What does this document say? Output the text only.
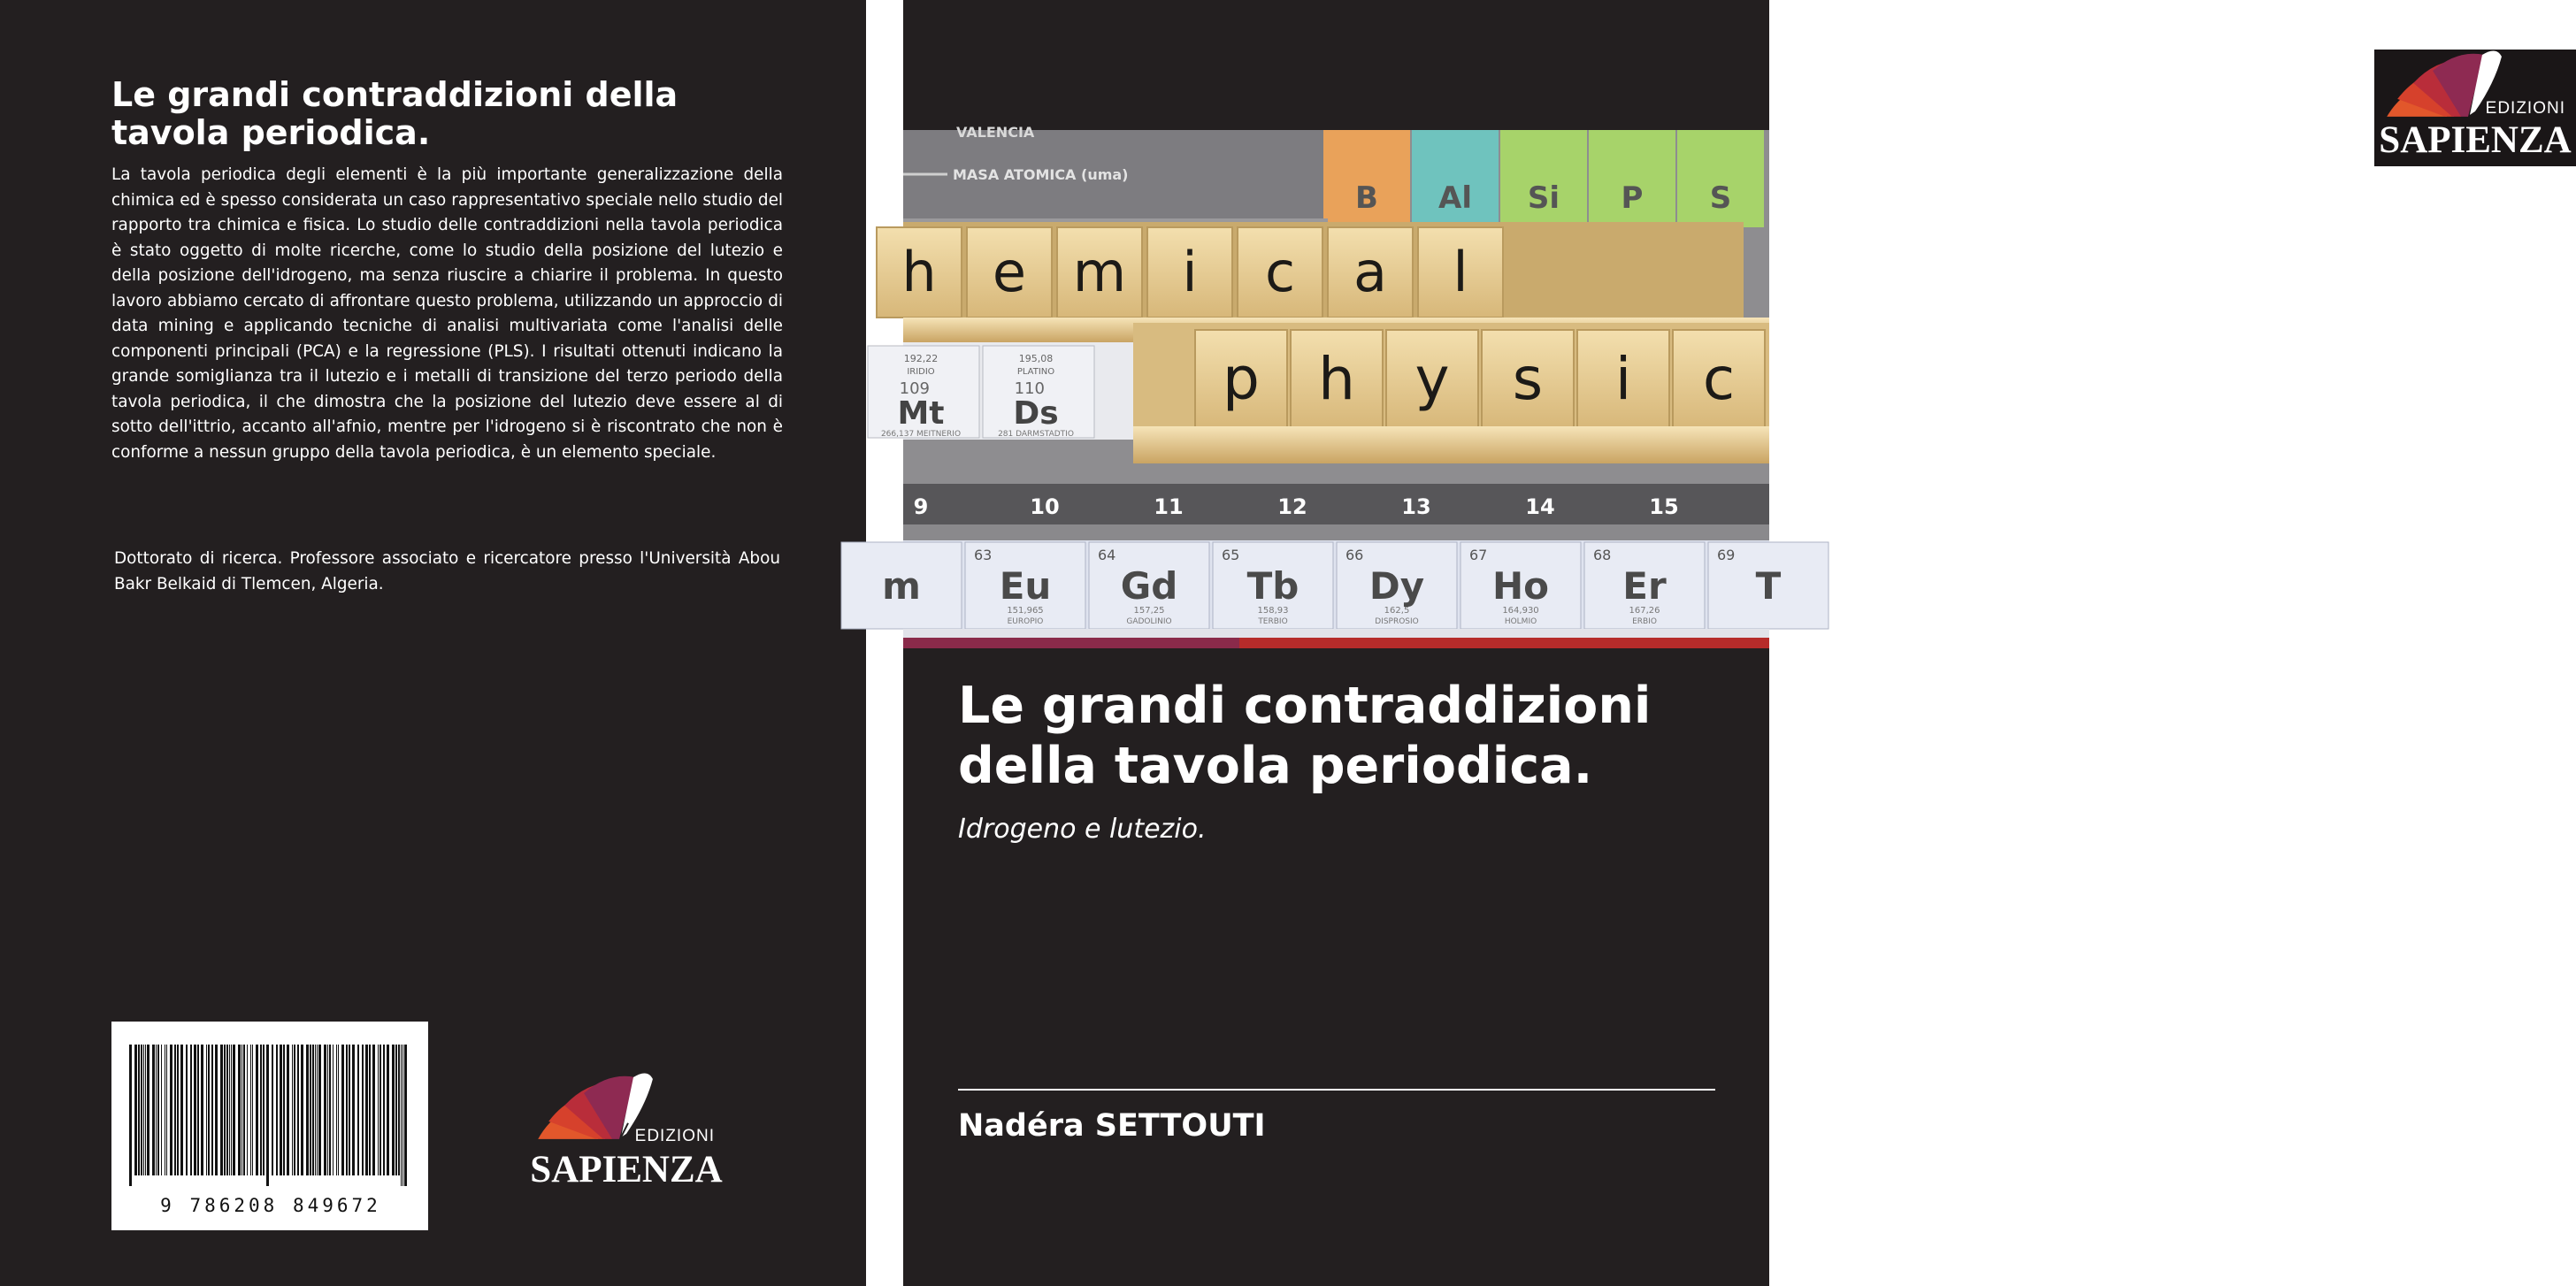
Le grandi contraddizioni della tavola periodica.

La tavola periodica degli elementi è la più importante generalizzazione della chimica ed è spesso considerata un caso rappresentativo speciale nello studio del rapporto tra chimica e fisica. Lo studio delle contraddizioni nella tavola periodica è stato oggetto di molte ricerche, come lo studio della posizione del lutezio e della posizione dell'idrogeno, ma senza riuscire a chiarire il problema. In questo lavoro abbiamo cercato di affrontare questo problema, utilizzando un approccio di data mining e applicando tecniche di analisi multivariata come l'analisi delle componenti principali (PCA) e la regressione (PLS). I risultati ottenuti indicano la grande somiglianza tra il lutezio e i metalli di transizione del terzo periodo della tavola periodica, il che dimostra che la posizione del lutezio deve essere al di sotto dell'ittrio, accanto all'afnio, mentre per l'idrogeno si è riscontrato che non è conforme a nessun gruppo della tavola periodica, è un elemento speciale.

Dottorato di ricerca. Professore associato e ricercatore presso l'Università Abou Bakr Belkaid di Tlemcen, Algeria.

9 786208 849672
EDIZIONI
SAPIENZA
VALENCIA
MASA ATOMICA (uma)
B Al Si P S
h e m i c a l
192,22
IRIDIO
109
Mt
266,137 MEITNERIO
195,08
PLATINO
110
Ds
281 DARMSTADTIO
p h y s i c
9	10	11	12	13	14	15
m
63
Eu
151,965
EUROPIO
64
Gd
157,25
GADOLINIO
65
Tb
158,93
TERBIO
66
Dy
162,5
DISPROSIO
67
Ho
164,930
HOLMIO
68
Er
167,26
ERBIO
69
T
EDIZIONI
SAPIENZA
Le grandi contraddizioni della tavola periodica.

Idrogeno e lutezio.

Nadéra SETTOUTI
